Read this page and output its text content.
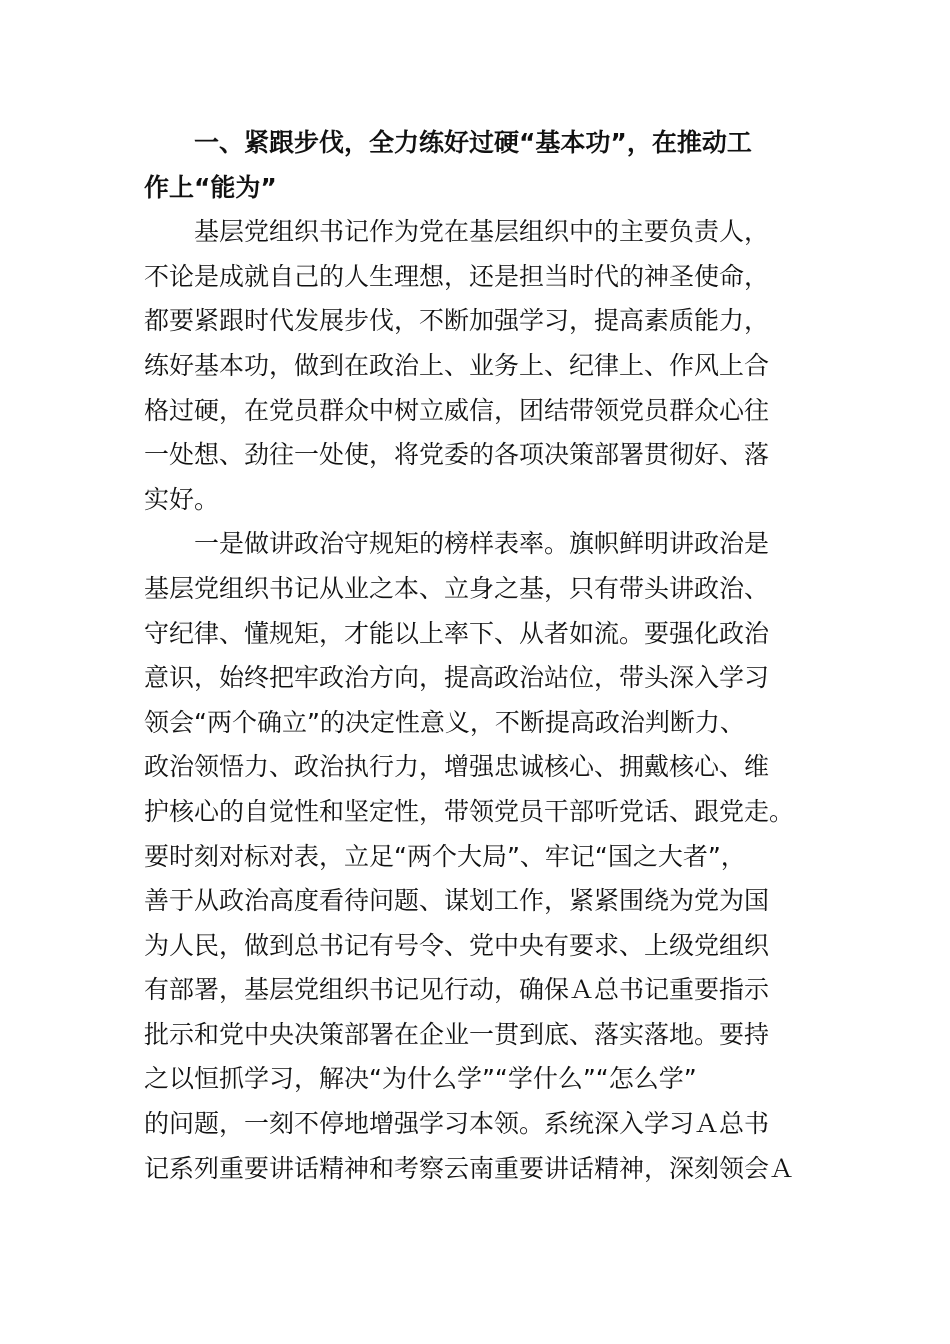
一、紧跟步伐，全力练好过硬“基本功”，在推动工
作上“能为”
基层党组织书记作为党在基层组织中的主要负责人，
不论是成就自己的人生理想，还是担当时代的神圣使命，
都要紧跟时代发展步伐，不断加强学习，提高素质能力，
练好基本功，做到在政治上、业务上、纪律上、作风上合
格过硬，在党员群众中树立威信，团结带领党员群众心往
一处想、劲往一处使，将党委的各项决策部署贯彻好、落
实好。
一是做讲政治守规矩的榜样表率。旗帜鲜明讲政治是
基层党组织书记从业之本、立身之基，只有带头讲政治、
守纪律、懂规矩，才能以上率下、从者如流。要强化政治
意识，始终把牢政治方向，提高政治站位，带头深入学习
领会“两个确立”的决定性意义，不断提高政治判断力、
政治领悟力、政治执行力，增强忠诚核心、拥戴核心、维
护核心的自觉性和坚定性，带领党员干部听党话、跟党走。
要时刻对标对表，立足“两个大局”、牢记“国之大者”，
善于从政治高度看待问题、谋划工作，紧紧围绕为党为国
为人民，做到总书记有号令、党中央有要求、上级党组织
有部署，基层党组织书记见行动，确保Ａ总书记重要指示
批示和党中央决策部署在企业一贯到底、落实落地。要持
之以恒抓学习，解决“为什么学”“学什么”“怎么学”
的问题，一刻不停地增强学习本领。系统深入学习Ａ总书
记系列重要讲话精神和考察云南重要讲话精神，深刻领会Ａ
